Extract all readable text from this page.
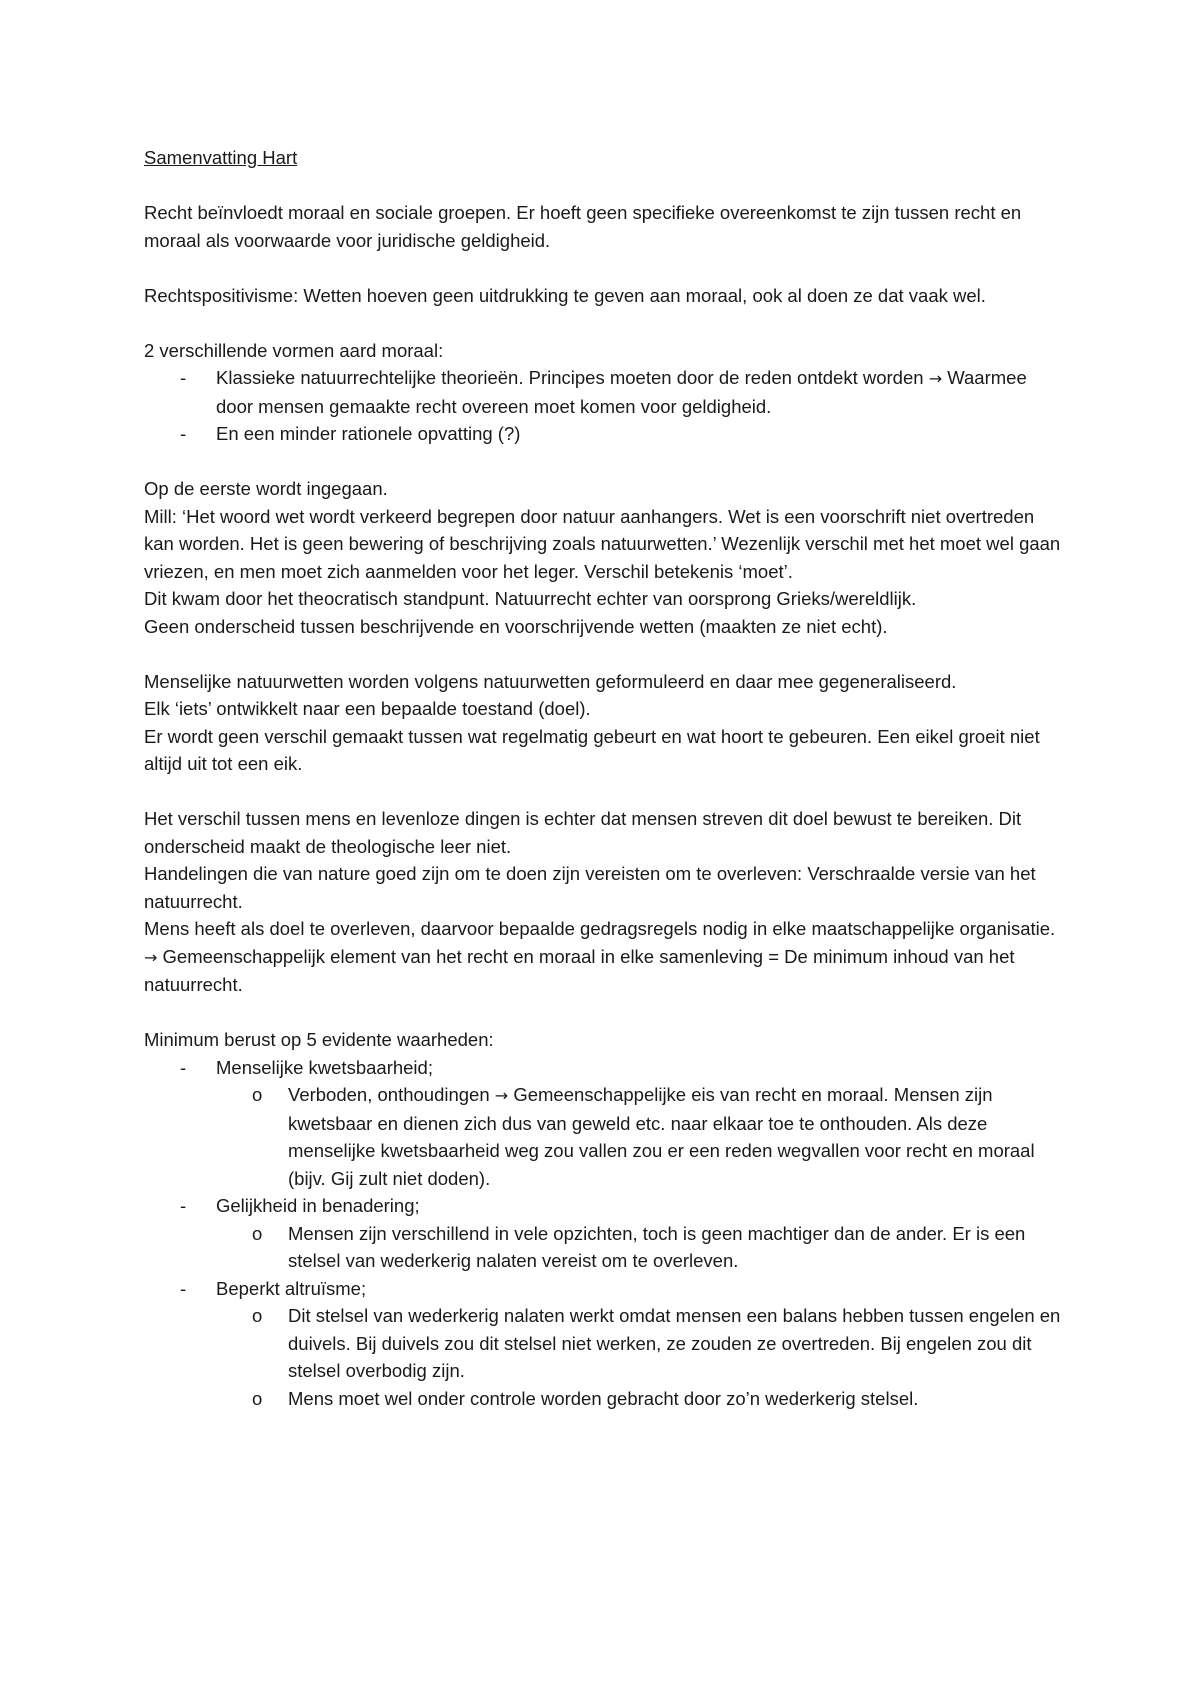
Samenvatting Hart

Recht beïnvloedt moraal en sociale groepen. Er hoeft geen specifieke overeenkomst te zijn tussen recht en moraal als voorwaarde voor juridische geldigheid.

Rechtspositivisme: Wetten hoeven geen uitdrukking te geven aan moraal, ook al doen ze dat vaak wel.

2 verschillende vormen aard moraal:

- Klassieke natuurrechtelijke theorieën. Principes moeten door de reden ontdekt worden → Waarmee door mensen gemaakte recht overeen moet komen voor geldigheid.
- En een minder rationele opvatting (?)

Op de eerste wordt ingegaan.

Mill: ‘Het woord wet wordt verkeerd begrepen door natuur aanhangers. Wet is een voorschrift niet overtreden kan worden. Het is geen bewering of beschrijving zoals natuurwetten.’ Wezenlijk verschil met het moet wel gaan vriezen, en men moet zich aanmelden voor het leger. Verschil betekenis ‘moet’.

Dit kwam door het theocratisch standpunt. Natuurrecht echter van oorsprong Grieks/wereldlijk.

Geen onderscheid tussen beschrijvende en voorschrijvende wetten (maakten ze niet echt).

Menselijke natuurwetten worden volgens natuurwetten geformuleerd en daar mee gegeneraliseerd.

Elk ‘iets’ ontwikkelt naar een bepaalde toestand (doel).

Er wordt geen verschil gemaakt tussen wat regelmatig gebeurt en wat hoort te gebeuren. Een eikel groeit niet altijd uit tot een eik.

Het verschil tussen mens en levenloze dingen is echter dat mensen streven dit doel bewust te bereiken. Dit onderscheid maakt de theologische leer niet.

Handelingen die van nature goed zijn om te doen zijn vereisten om te overleven: Verschraalde versie van het natuurrecht.

Mens heeft als doel te overleven, daarvoor bepaalde gedragsregels nodig in elke maatschappelijke organisatie. → Gemeenschappelijk element van het recht en moraal in elke samenleving = De minimum inhoud van het natuurrecht.

Minimum berust op 5 evidente waarheden:

- Menselijke kwetsbaarheid;
o Verboden, onthoudingen → Gemeenschappelijke eis van recht en moraal. Mensen zijn kwetsbaar en dienen zich dus van geweld etc. naar elkaar toe te onthouden. Als deze menselijke kwetsbaarheid weg zou vallen zou er een reden wegvallen voor recht en moraal (bijv. Gij zult niet doden).
- Gelijkheid in benadering;
o Mensen zijn verschillend in vele opzichten, toch is geen machtiger dan de ander. Er is een stelsel van wederkerig nalaten vereist om te overleven.
- Beperkt altruïsme;
o Dit stelsel van wederkerig nalaten werkt omdat mensen een balans hebben tussen engelen en duivels. Bij duivels zou dit stelsel niet werken, ze zouden ze overtreden. Bij engelen zou dit stelsel overbodig zijn.
o Mens moet wel onder controle worden gebracht door zo’n wederkerig stelsel.
